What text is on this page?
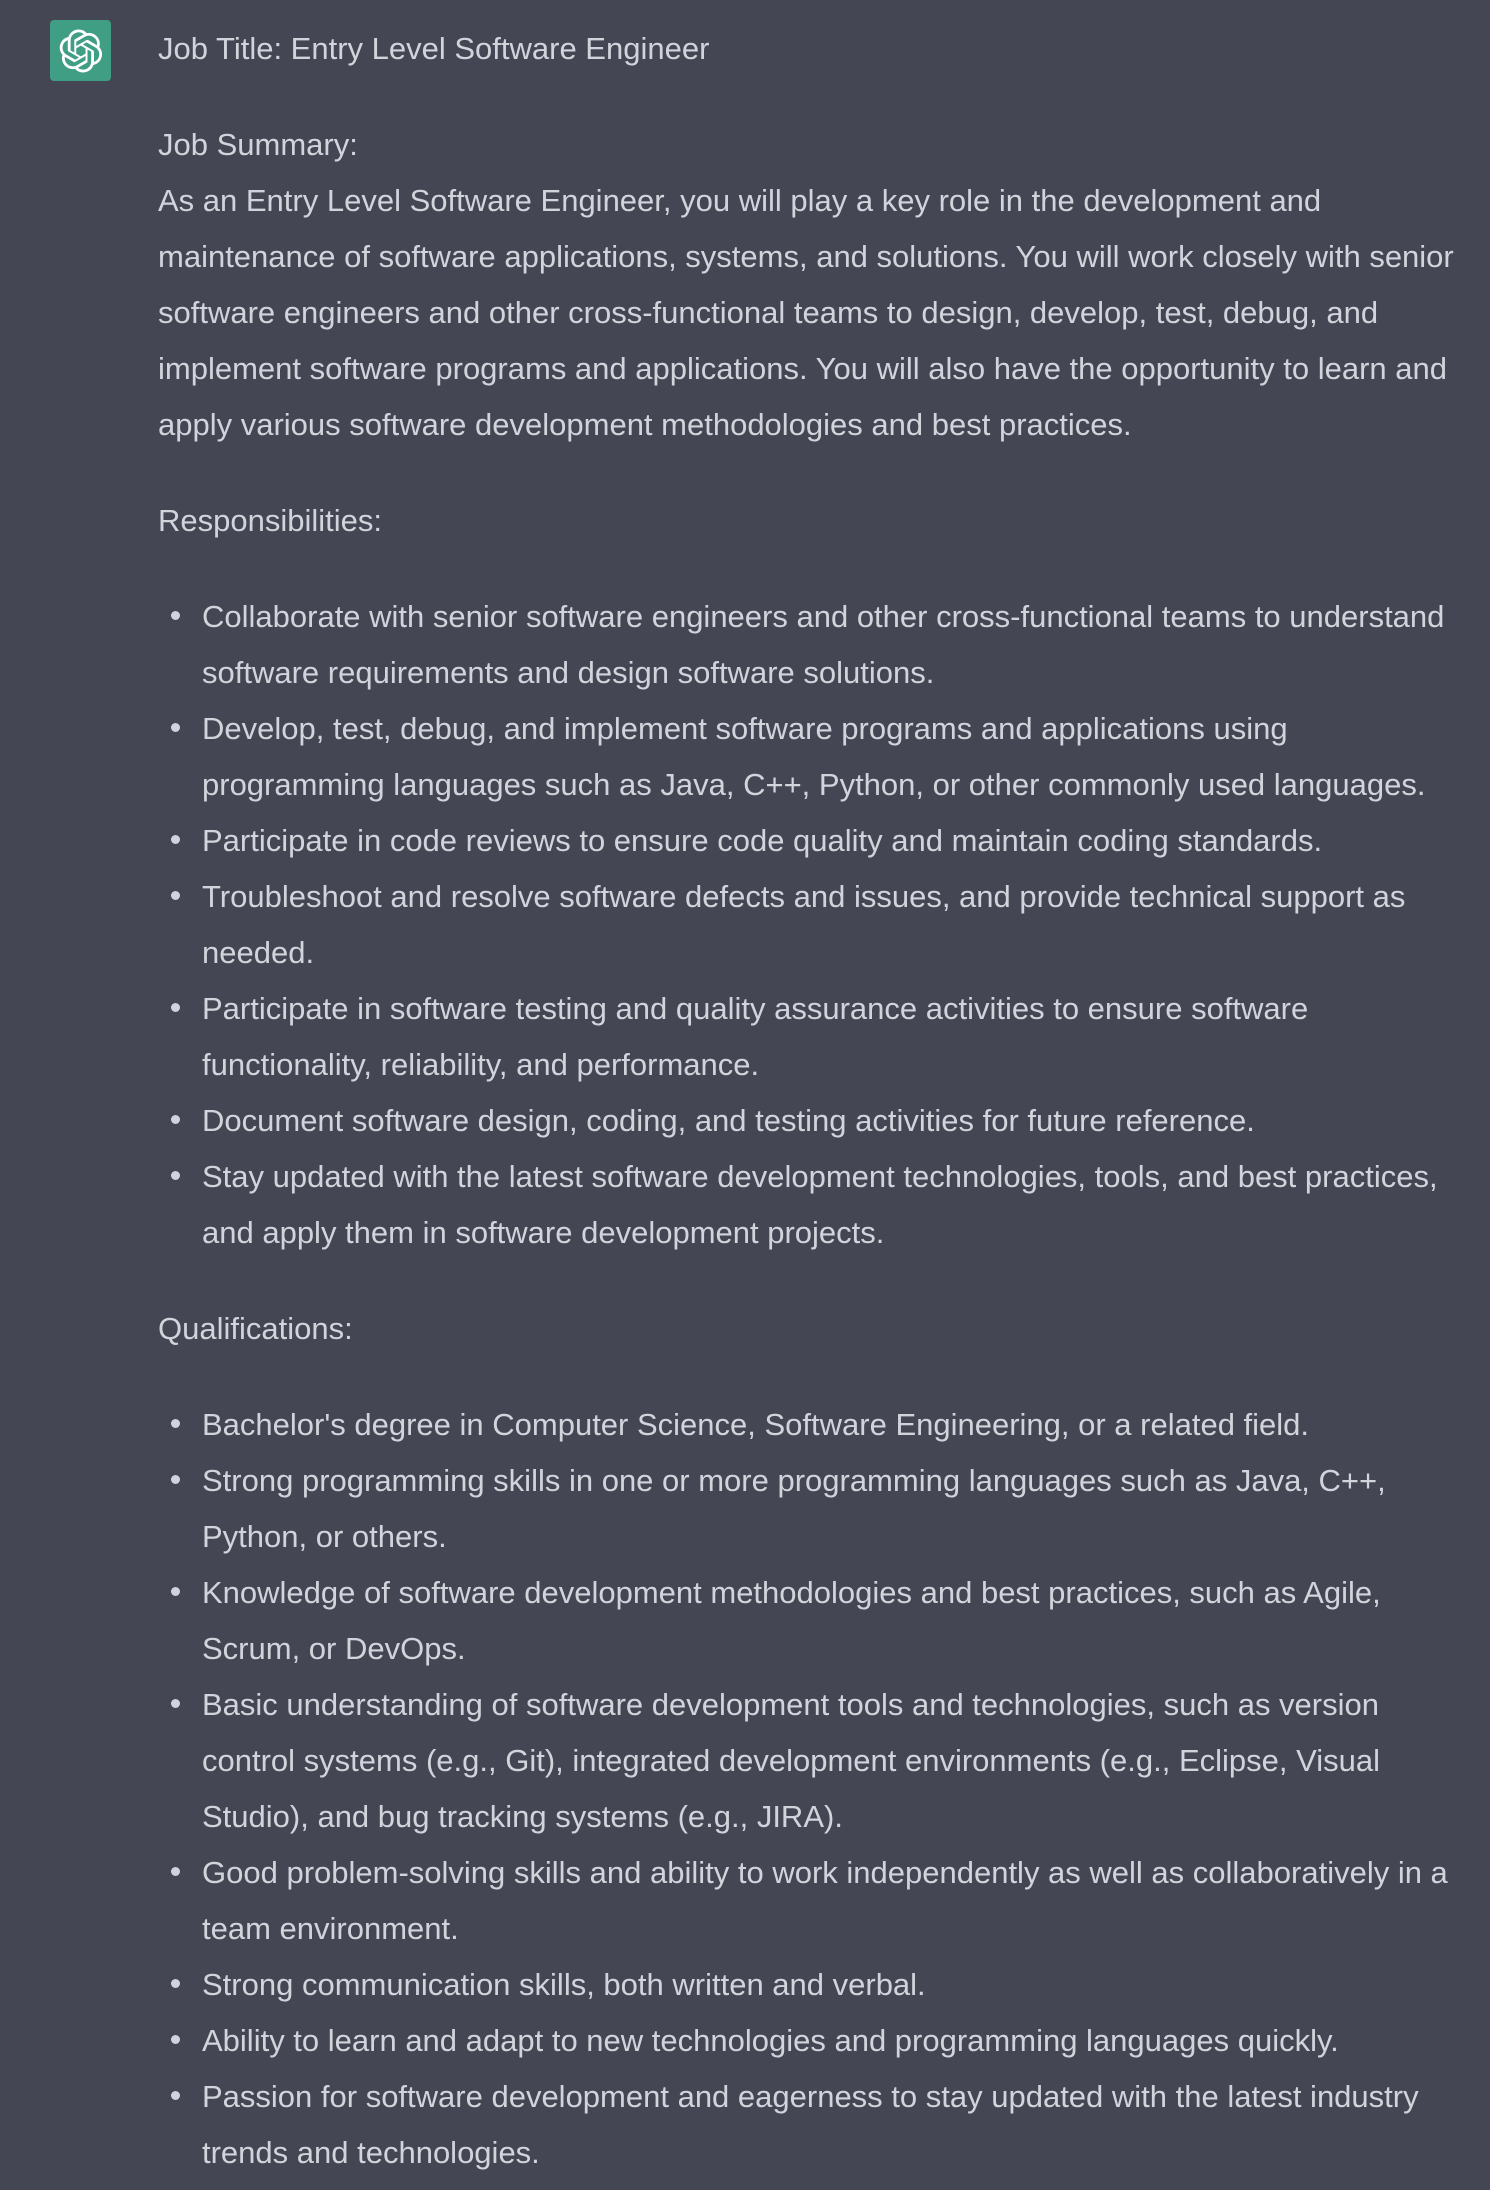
Job Title: Entry Level Software Engineer

Job Summary:

As an Entry Level Software Engineer, you will play a key role in the development and maintenance of software applications, systems, and solutions. You will work closely with senior software engineers and other cross-functional teams to design, develop, test, debug, and implement software programs and applications. You will also have the opportunity to learn and apply various software development methodologies and best practices.

Responsibilities:

Collaborate with senior software engineers and other cross-functional teams to understand software requirements and design software solutions.
Develop, test, debug, and implement software programs and applications using programming languages such as Java, C++, Python, or other commonly used languages.
Participate in code reviews to ensure code quality and maintain coding standards.
Troubleshoot and resolve software defects and issues, and provide technical support as needed.
Participate in software testing and quality assurance activities to ensure software functionality, reliability, and performance.
Document software design, coding, and testing activities for future reference.
Stay updated with the latest software development technologies, tools, and best practices, and apply them in software development projects.

Qualifications:

Bachelor's degree in Computer Science, Software Engineering, or a related field.
Strong programming skills in one or more programming languages such as Java, C++, Python, or others.
Knowledge of software development methodologies and best practices, such as Agile, Scrum, or DevOps.
Basic understanding of software development tools and technologies, such as version control systems (e.g., Git), integrated development environments (e.g., Eclipse, Visual Studio), and bug tracking systems (e.g., JIRA).
Good problem-solving skills and ability to work independently as well as collaboratively in a team environment.
Strong communication skills, both written and verbal.
Ability to learn and adapt to new technologies and programming languages quickly.
Passion for software development and eagerness to stay updated with the latest industry trends and technologies.
